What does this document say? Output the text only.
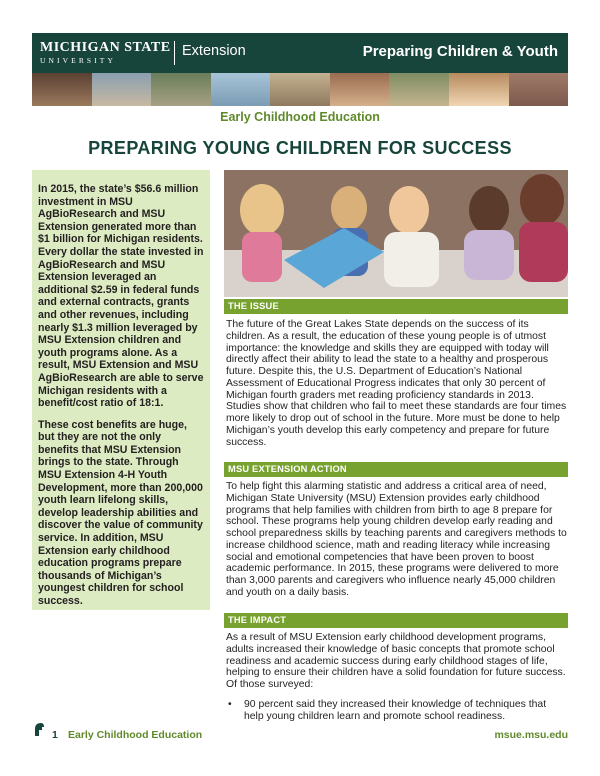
MICHIGAN STATE
UNIVERSITY
Extension	Preparing Children & Youth
Early Childhood Education
PREPARING YOUNG CHILDREN FOR SUCCESS

In 2015, the state’s $56.6 million investment in MSU AgBioResearch and MSU Extension generated more than $1 billion for Michigan residents. Every dollar the state invested in AgBioResearch and MSU Extension leveraged an additional $2.59 in federal funds and external contracts, grants and other revenues, including nearly $1.3 million leveraged by MSU Extension children and youth programs alone. As a result, MSU Extension and MSU AgBioResearch are able to serve Michigan residents with a benefit/cost ratio of 18:1.

These cost benefits are huge, but they are not the only benefits that MSU Extension brings to the state. Through MSU Extension 4-H Youth Development, more than 200,000 youth learn lifelong skills, develop leadership abilities and discover the value of community service. In addition, MSU Extension early childhood education programs prepare thousands of Michigan’s youngest children for school success.

THE ISSUE

The future of the Great Lakes State depends on the success of its children. As a result, the education of these young people is of utmost importance: the knowledge and skills they are equipped with today will directly affect their ability to lead the state to a healthy and prosperous future. Despite this, the U.S. Department of Education’s National Assessment of Educational Progress indicates that only 30 percent of Michigan fourth graders met reading proficiency standards in 2013. Studies show that children who fail to meet these standards are four times more likely to drop out of school in the future. More must be done to help Michigan’s youth develop this early competency and prepare for future success.

MSU EXTENSION ACTION

To help fight this alarming statistic and address a critical area of need, Michigan State University (MSU) Extension provides early childhood programs that help families with children from birth to age 8 prepare for school. These programs help young children develop early reading and school preparedness skills by teaching parents and caregivers methods to increase childhood science, math and reading literacy while increasing social and emotional competencies that have been proven to boost academic performance. In 2015, these programs were delivered to more than 3,000 parents and caregivers who influence nearly 45,000 children and youth on a daily basis.

THE IMPACT

As a result of MSU Extension early childhood development programs, adults increased their knowledge of basic concepts that promote school readiness and academic success during early childhood stages of life, helping to ensure their children have a solid foundation for future success. Of those surveyed:

• 90 percent said they increased their knowledge of techniques that help young children learn and promote school readiness.
1 Early Childhood Education	msue.msu.edu
